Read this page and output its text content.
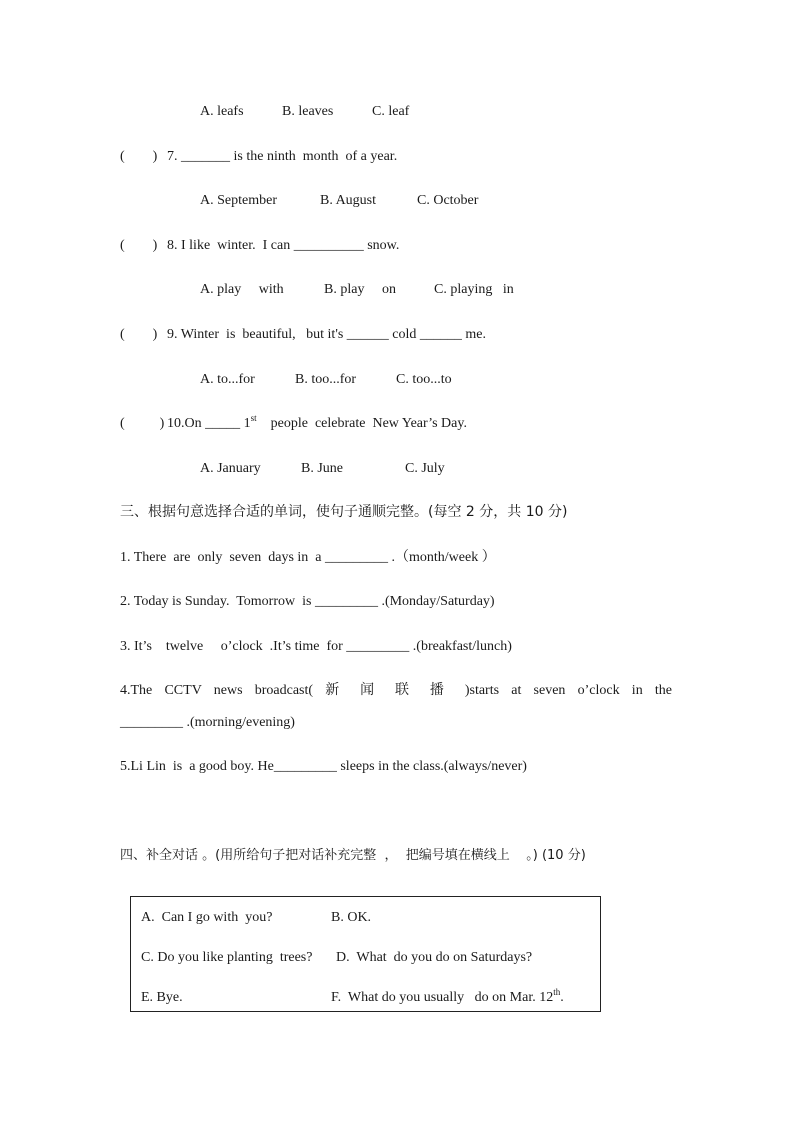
A. leafs	B. leaves	C. leaf
(        ) 7. _______ is the ninth  month  of a year.
A. September	B. August	C. October
(        ) 8. I like  winter.  I can __________ snow.
A. play     with	B. play     on	C. playing   in
(        ) 9. Winter  is  beautiful,   but it's ______ cold ______ me.
A. to...for	B. too...for	C. too...to
(          ) 10.On _____ 1st    people  celebrate  New Year’s Day.
A. January	B. June	C. July
三、根据句意选择合适的单词，使句子通顺完整。(每空 2 分，共 10 分)
1. There  are  only  seven  days in  a _________ .（month/week ）
2. Today is Sunday.  Tomorrow  is _________ .(Monday/Saturday)
3. It’s    twelve     o’clock  .It’s time  for _________ .(breakfast/lunch)
4.The CCTV news broadcast( 新 闻 联 播 )starts at seven o’clock in the
_________ .(morning/evening)
5.Li Lin  is  a good boy. He_________ sleeps in the class.(always/never)
四、补全对话 。(用所给句子把对话补充完整  ，  把编号填在横线上    。) (10 分)
A.  Can I go with  you?	B. OK.
C. Do you like planting  trees? D.  What  do you do on Saturdays?
E. Bye.	F.  What do you usually   do on Mar. 12th.
